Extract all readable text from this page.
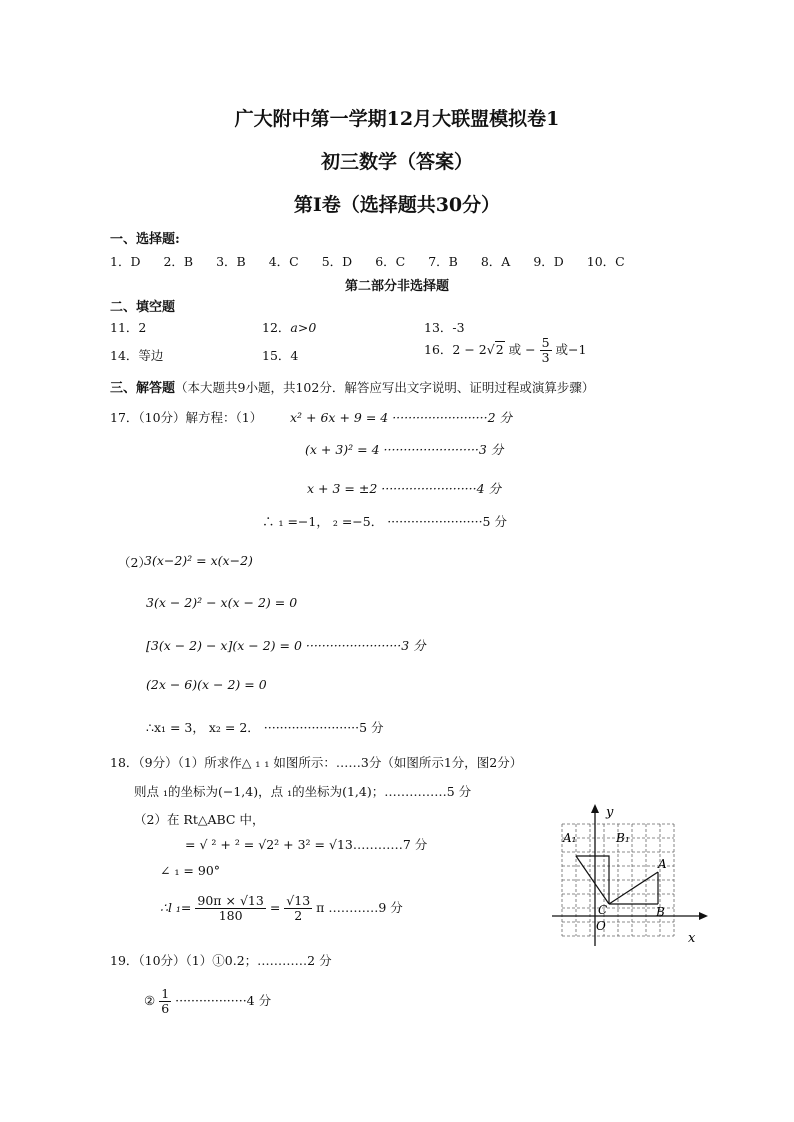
广大附中第一学期12月大联盟模拟卷1
初三数学（答案）
第I卷（选择题共30分）
一、选择题:
1．D 2．B 3．B 4．C 5．D 6．C 7．B 8．A 9．D 10．C
第二部分非选择题
二、填空题
11．2	12．a>0	13．-3
14．等边	15．4	16．2 − 2√2 或 − $\frac{5}{3}$ 或−1
三、解答题（本大题共9小题，共102分．解答应写出文字说明、证明过程或演算步骤）
17．（10分）解方程：（1） x² + 6x + 9 = 4 ························2 分
(x + 3)² = 4 ························3 分
x + 3 = ±2 ························4 分
∴ ₁ =−1， ₂ =−5． ························5 分
（2）
3(x−2)² = x(x−2)
3(x − 2)² − x(x − 2) = 0
[3(x − 2) − x](x − 2) = 0 ························3 分
(2x − 6)(x − 2) = 0
∴x₁ = 3， x₂ = 2． ························5 分
18．（9分）（1）所求作△ ₁ ₁ 如图所示：……3分（如图所示1分，图2分）
则点 ₁的坐标为(−1,4)，点 ₁的坐标为(1,4)；……………5 分
（2）在 Rt△ABC 中，
= √ ² + ² = √2² + 3² = √13…………7 分
∠ ₁ = 90°
∴l $_1= \frac{90\pi \times √13}{180} = \frac{√13}{2}$ π …………9 分
19．（10分）（1）①0.2；…………2 分
② $\frac{1}{6} \cdot\cdot\cdot\cdot\cdot\cdot\cdot\cdot\cdot\cdot\cdot\cdot\cdot\cdot\cdot\cdot\cdot\cdot 4$ 分
y
x
A₁	B₁
A
C
O
B
